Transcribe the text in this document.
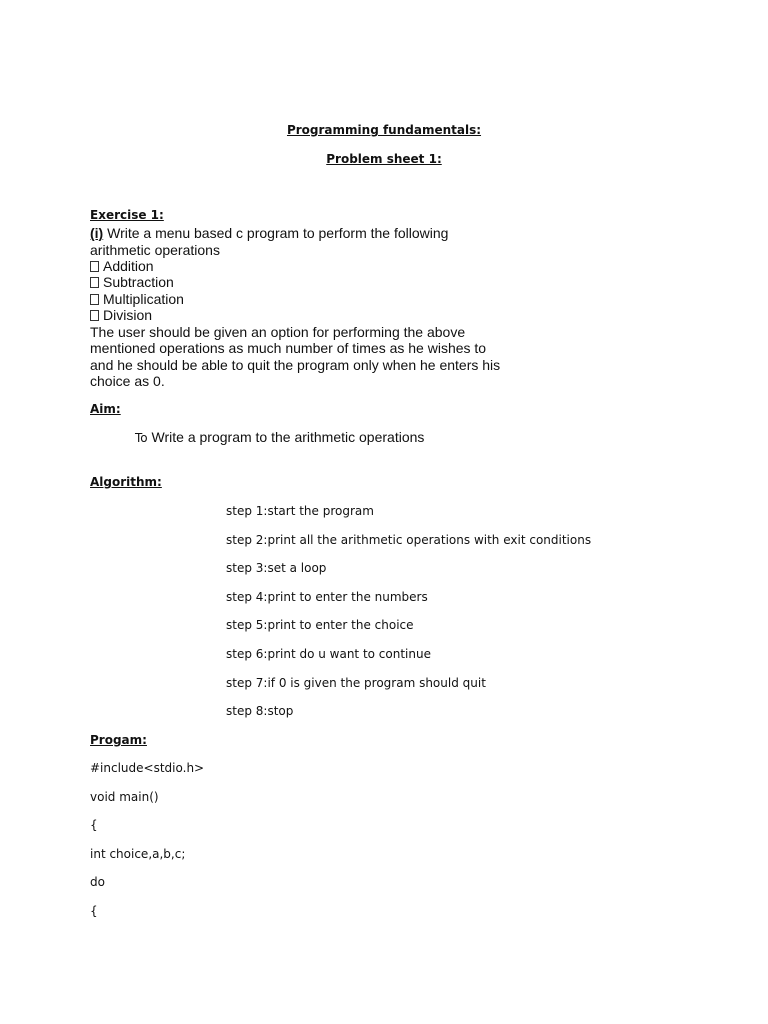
Programming fundamentals:
Problem sheet 1:
Exercise 1:
(i) Write a menu based c program to perform the following
arithmetic operations
Addition
Subtraction
Multiplication
Division
The user should be given an option for performing the above
mentioned operations as much number of times as he wishes to
and he should be able to quit the program only when he enters his
choice as 0.
Aim:
To Write a program to the arithmetic operations
Algorithm:
step 1:start the program
step 2:print all the arithmetic operations with exit conditions
step 3:set a loop
step 4:print to enter the numbers
step 5:print to enter the choice
step 6:print do u want to continue
step 7:if 0 is given the program should quit
step 8:stop
Progam:
#include<stdio.h>
void main()
{
int choice,a,b,c;
do
{
